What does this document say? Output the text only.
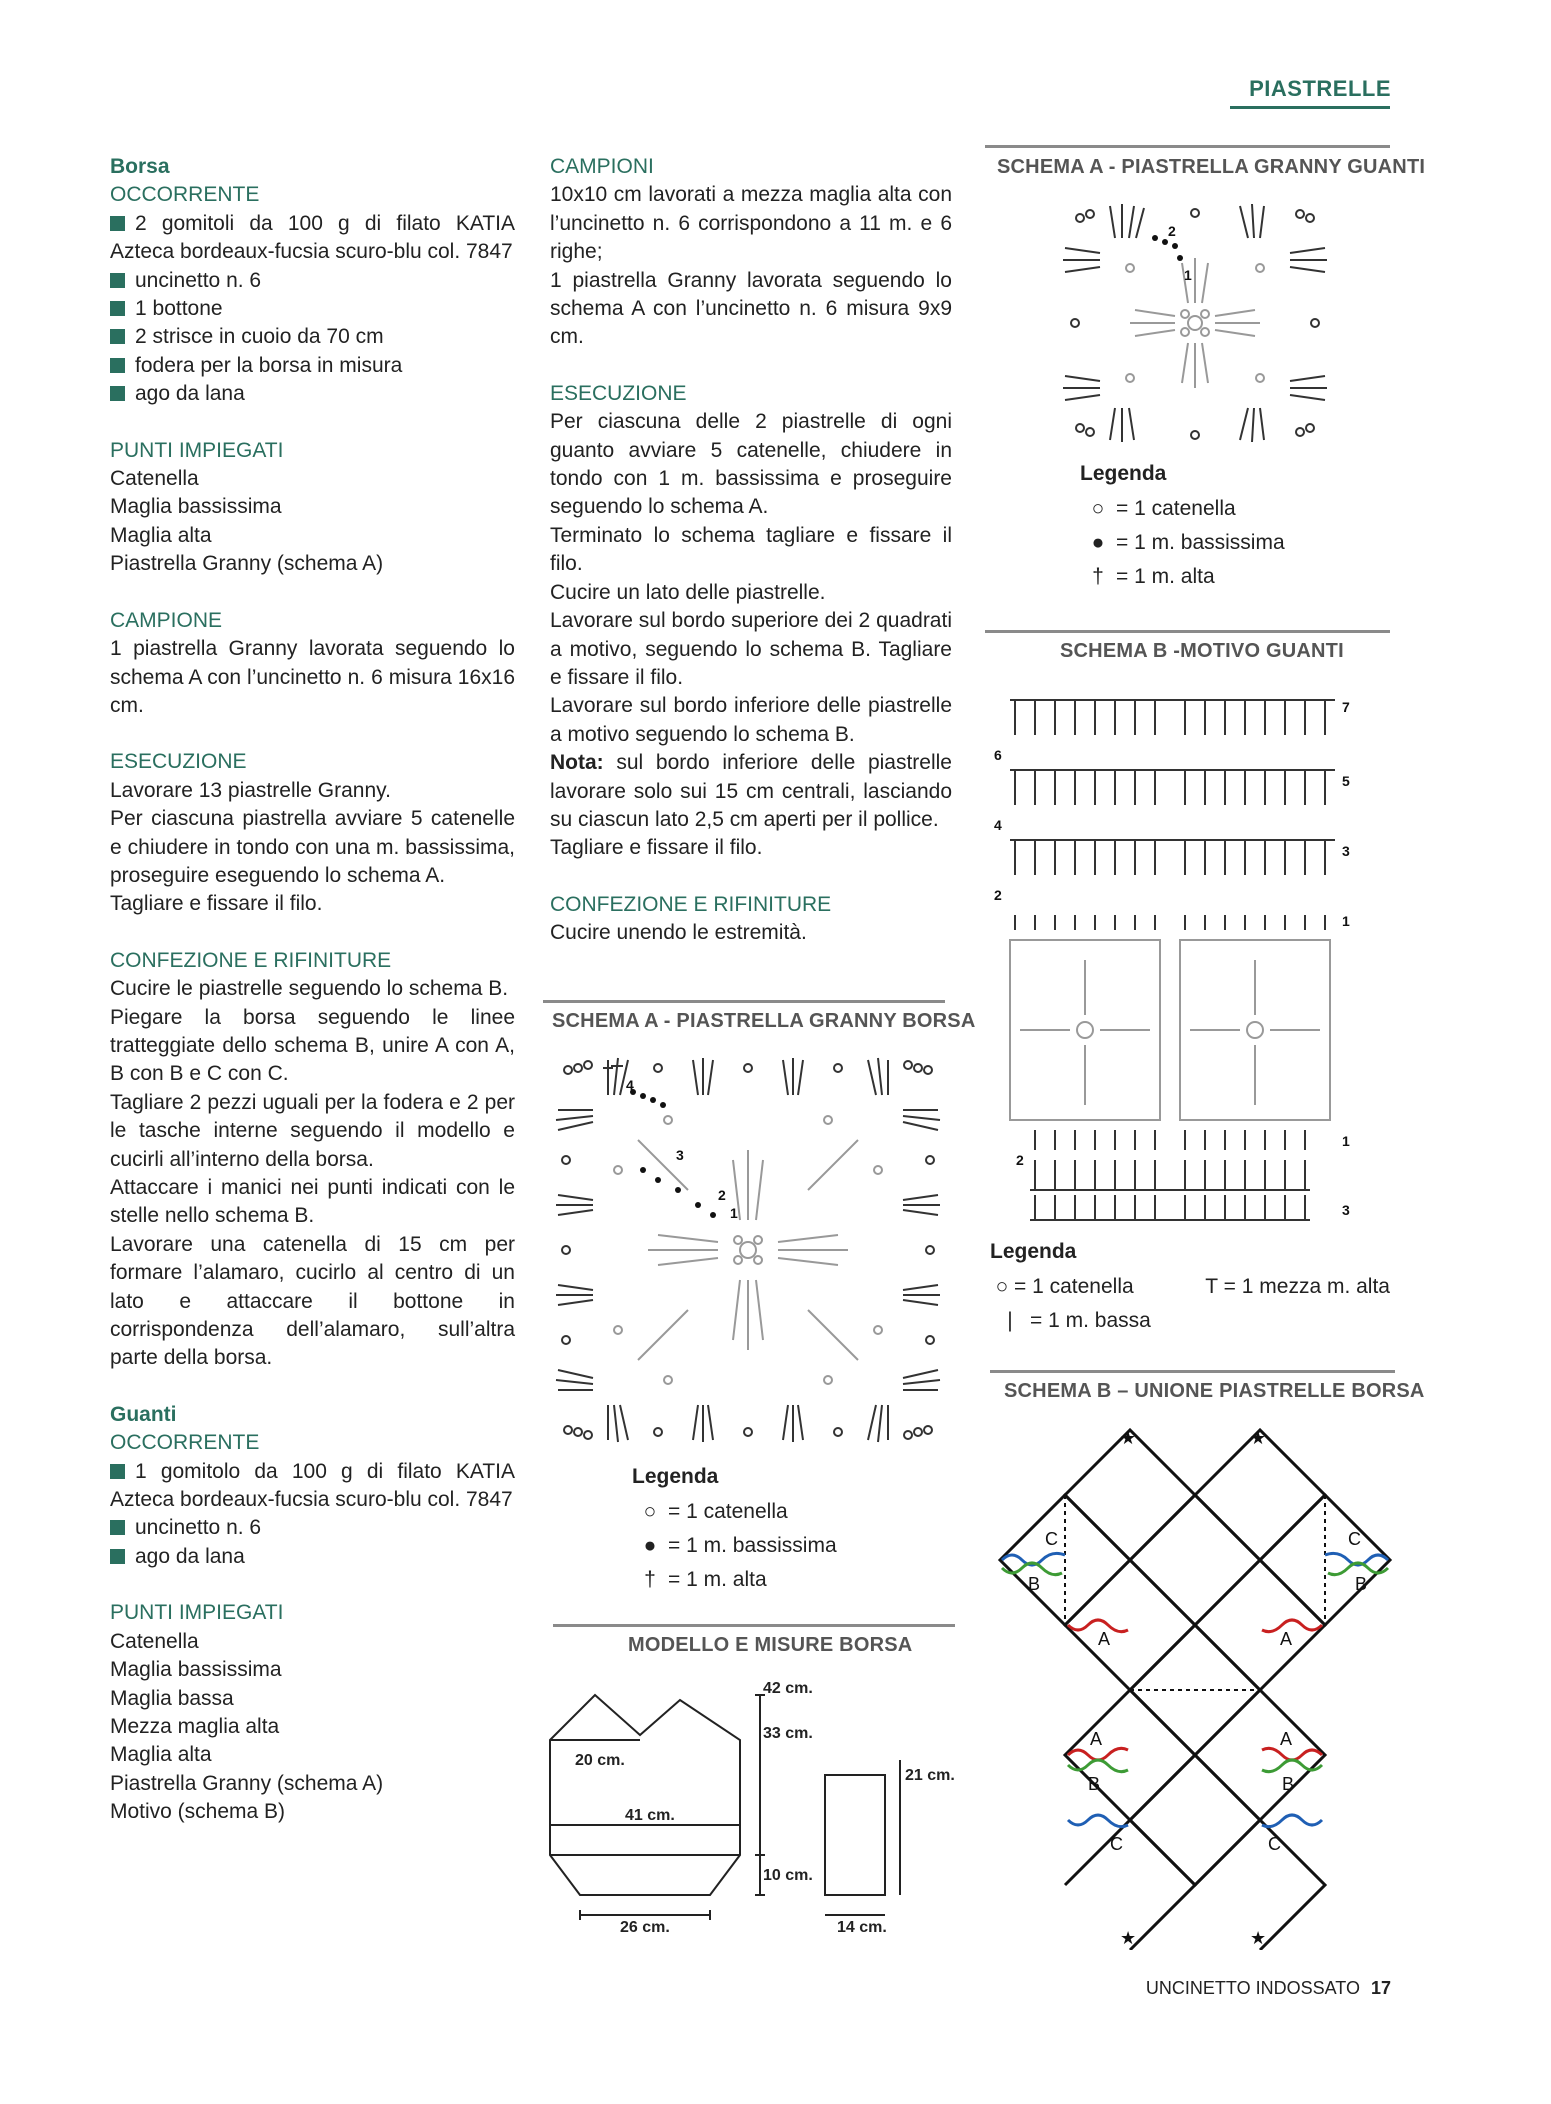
PIASTRELLE

Borsa

OCCORRENTE

2 gomitoli da 100 g di filato KATIA Azteca bordeaux-fucsia scuro-blu col. 7847

uncinetto n. 6

1 bottone

2 strisce in cuoio da 70 cm

fodera per la borsa in misura

ago da lana

PUNTI IMPIEGATI

Catenella

Maglia bassissima

Maglia alta

Piastrella Granny (schema A)

CAMPIONE

1 piastrella Granny lavorata seguendo lo schema A con l’uncinetto n. 6 misura 16x16 cm.

ESECUZIONE

Lavorare 13 piastrelle Granny.

Per ciascuna piastrella avviare 5 catenelle e chiudere in tondo con una m. bassissima, proseguire eseguendo lo schema A.

Tagliare e fissare il filo.

CONFEZIONE E RIFINITURE

Cucire le piastrelle seguendo lo schema B.

Piegare la borsa seguendo le linee tratteggiate dello schema B, unire A con A, B con B e C con C.

Tagliare 2 pezzi uguali per la fodera e 2 per le tasche interne seguendo il modello e cucirli all’interno della borsa.

Attaccare i manici nei punti indicati con le stelle nello schema B.

Lavorare una catenella di 15 cm per formare l’alamaro, cucirlo al centro di un lato e attaccare il bottone in corrispondenza dell’alamaro, sull’altra parte della borsa.

Guanti

OCCORRENTE

1 gomitolo da 100 g di filato KATIA Azteca bordeaux-fucsia scuro-blu col. 7847

uncinetto n. 6

ago da lana

PUNTI IMPIEGATI

Catenella

Maglia bassissima

Maglia bassa

Mezza maglia alta

Maglia alta

Piastrella Granny (schema A)

Motivo (schema B)

CAMPIONI

10x10 cm lavorati a mezza maglia alta con l’uncinetto n. 6 corrispondono a 11 m. e 6 righe;

1 piastrella Granny lavorata seguendo lo schema A con l’uncinetto n. 6 misura 9x9 cm.

ESECUZIONE

Per ciascuna delle 2 piastrelle di ogni guanto avviare 5 catenelle, chiudere in tondo con 1 m. bassissima e proseguire seguendo lo schema A.

Terminato lo schema tagliare e fissare il filo.

Cucire un lato delle piastrelle.

Lavorare sul bordo superiore dei 2 quadrati a motivo, seguendo lo schema B. Tagliare e fissare il filo.

Lavorare sul bordo inferiore delle piastrelle a motivo seguendo lo schema B.

Nota: sul bordo inferiore delle piastrelle lavorare solo sui 15 cm centrali, lasciando su ciascun lato 2,5 cm aperti per il pollice.

Tagliare e fissare il filo.

CONFEZIONE E RIFINITURE

Cucire unendo le estremità.

SCHEMA A - PIASTRELLA GRANNY BORSA
4
3
2
1
Legenda
○ = 1 catenella
● = 1 m. bassissima
† = 1 m. alta
MODELLO E MISURE BORSA
42 cm.
33 cm.
20 cm.
21 cm.
41 cm.
10 cm.
26 cm.	14 cm.
SCHEMA A - PIASTRELLA GRANNY GUANTI
2
1
Legenda
○ = 1 catenella
● = 1 m. bassissima
† = 1 m. alta
SCHEMA B -MOTIVO GUANTI
7
6
5
4
3
2
1
1
2
3
Legenda
○ = 1 catenella
| = 1 m. bassa
T = 1 mezza m. alta
SCHEMA B – UNIONE PIASTRELLE BORSA
C
B
A
A
B
C
C
B
A
A
B
C
★	★
★	★
UNCINETTO INDOSSATO 17
